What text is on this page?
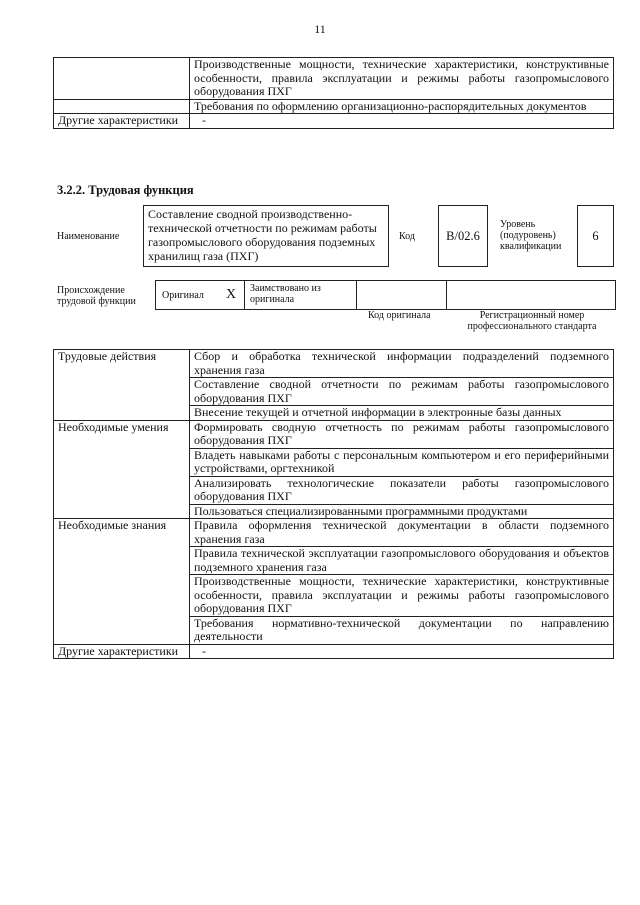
11
	Производственные мощности, технические характеристики, конструктивные особенности, правила эксплуатации и режимы работы газопромыслового оборудования ПХГ
	Требования по оформлению организационно-распорядительных документов
Другие характеристики	-
3.2.2. Трудовая функция
Наименование
Составление сводной производственно-технической отчетности по режимам работы газопромыслового оборудования подземных хранилищ газа (ПХГ)
Код	B/02.6
Уровень (подуровень) квалификации
6
Происхождение трудовой функции
Оригинал X Заимствовано из оригинала
Код оригинала	Регистрационный номер профессионального стандарта
Трудовые действия	Сбор и обработка технической информации подразделений подземного хранения газа
	Составление сводной отчетности по режимам работы газопромыслового оборудования ПХГ
	Внесение текущей и отчетной информации в электронные базы данных
Необходимые умения	Формировать сводную отчетность по режимам работы газопромыслового оборудования ПХГ
	Владеть навыками работы с персональным компьютером и его периферийными устройствами, оргтехникой
	Анализировать технологические показатели работы газопромыслового оборудования ПХГ
	Пользоваться специализированными программными продуктами
Необходимые знания	Правила оформления технической документации в области подземного хранения газа
	Правила технической эксплуатации газопромыслового оборудования и объектов подземного хранения газа
	Производственные мощности, технические характеристики, конструктивные особенности, правила эксплуатации и режимы работы газопромыслового оборудования ПХГ
	Требования нормативно-технической документации по направлению деятельности
Другие характеристики	-
